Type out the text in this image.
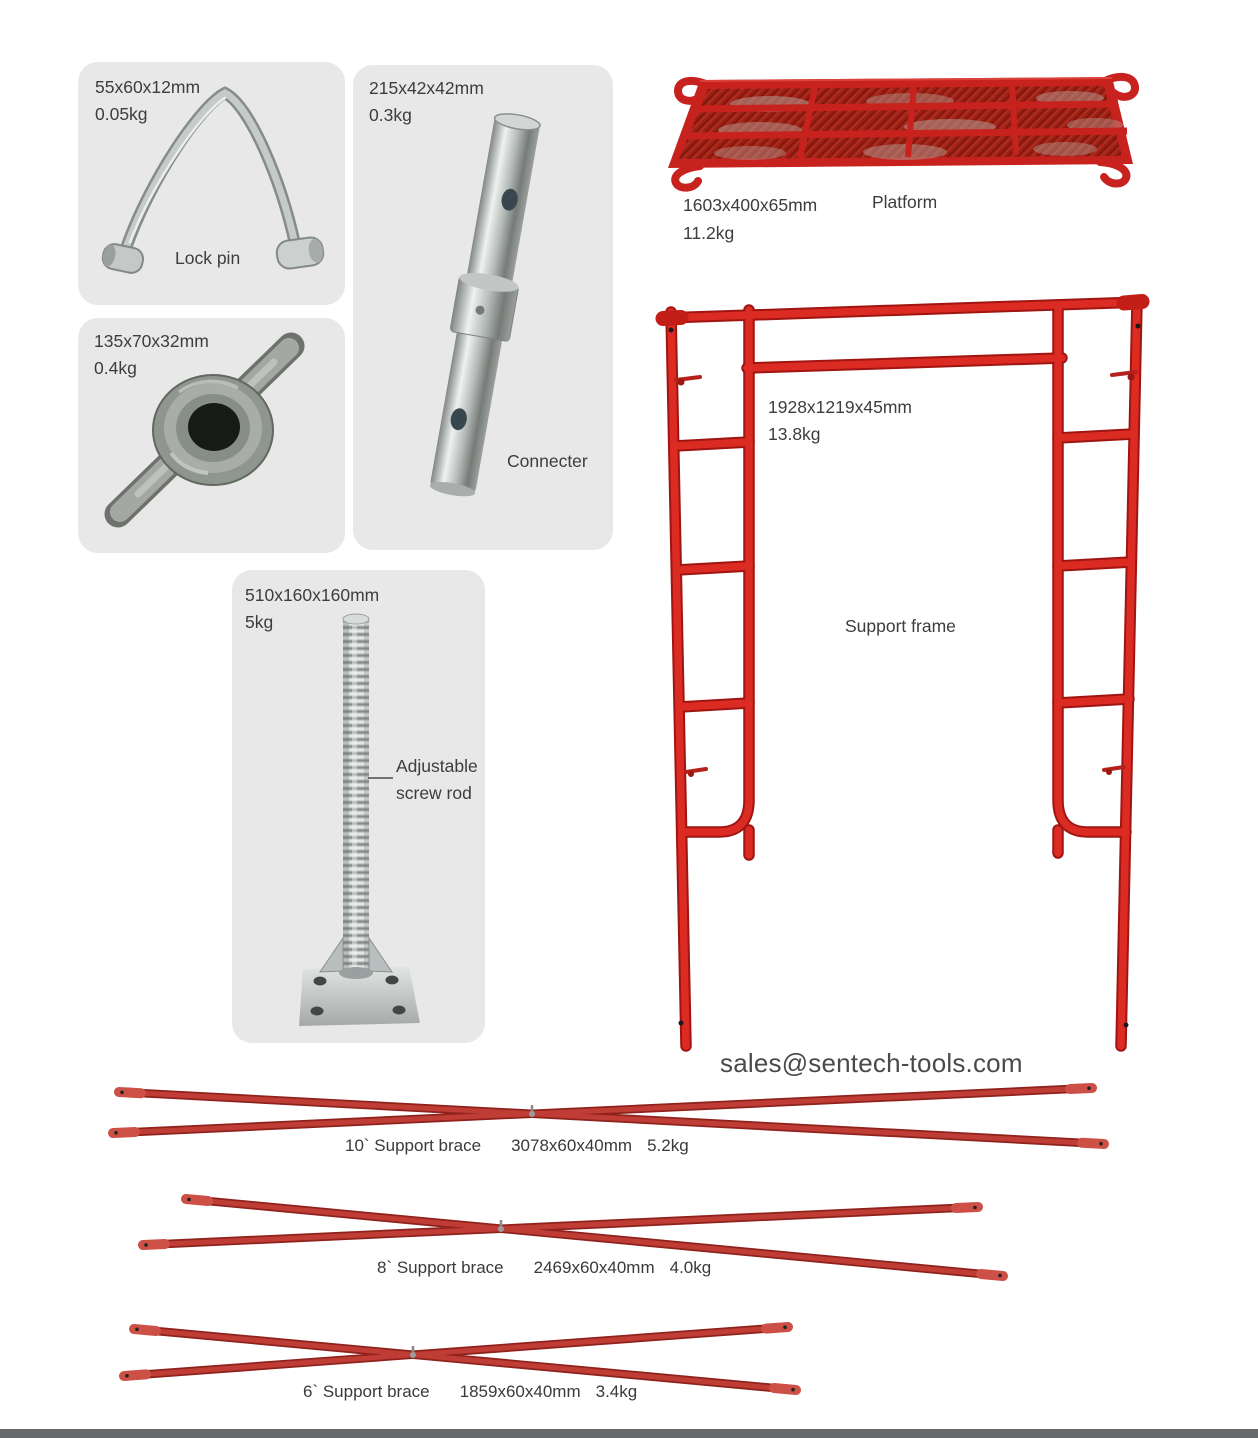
55x60x12mm
0.05kg
Lock pin
215x42x42mm
0.3kg
Connecter
135x70x32mm
0.4kg
510x160x160mm
5kg
Adjustable
screw rod
1603x400x65mm
11.2kg
Platform
1928x1219x45mm
13.8kg
Support frame
sales@sentech-tools.com
10` Support brace 3078x60x40mm 5.2kg
8` Support brace 2469x60x40mm 4.0kg
6` Support brace 1859x60x40mm 3.4kg
